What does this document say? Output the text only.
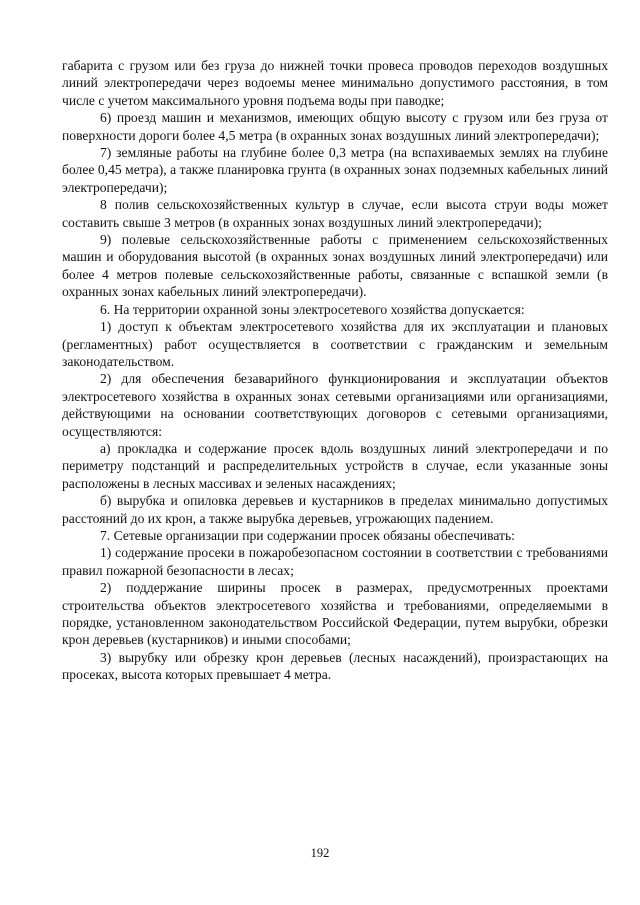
габарита с грузом или без груза до нижней точки провеса проводов переходов воздушных линий электропередачи через водоемы менее минимально допустимого расстояния, в том числе с учетом максимального уровня подъема воды при паводке;

6) проезд машин и механизмов, имеющих общую высоту с грузом или без груза от поверхности дороги более 4,5 метра (в охранных зонах воздушных линий электропередачи);

7) земляные работы на глубине более 0,3 метра (на вспахиваемых землях на глубине более 0,45 метра), а также планировка грунта (в охранных зонах подземных кабельных линий электропередачи);

8 полив сельскохозяйственных культур в случае, если высота струи воды может составить свыше 3 метров (в охранных зонах воздушных линий электропередачи);

9) полевые сельскохозяйственные работы с применением сельскохозяйственных машин и оборудования высотой (в охранных зонах воздушных линий электропередачи) или более 4 метров полевые сельскохозяйственные работы, связанные с вспашкой земли (в охранных зонах кабельных линий электропередачи).

6. На территории охранной зоны электросетевого хозяйства допускается:

1) доступ к объектам электросетевого хозяйства для их эксплуатации и плановых (регламентных) работ осуществляется в соответствии с гражданским и земельным законодательством.

2) для обеспечения безаварийного функционирования и эксплуатации объектов электросетевого хозяйства в охранных зонах сетевыми организациями или организациями, действующими на основании соответствующих договоров с сетевыми организациями, осуществляются:

а) прокладка и содержание просек вдоль воздушных линий электропередачи и по периметру подстанций и распределительных устройств в случае, если указанные зоны расположены в лесных массивах и зеленых насаждениях;

б) вырубка и опиловка деревьев и кустарников в пределах минимально допустимых расстояний до их крон, а также вырубка деревьев, угрожающих падением.

7. Сетевые организации при содержании просек обязаны обеспечивать:

1) содержание просеки в пожаробезопасном состоянии в соответствии с требованиями правил пожарной безопасности в лесах;

2) поддержание ширины просек в размерах, предусмотренных проектами строительства объектов электросетевого хозяйства и требованиями, определяемыми в порядке, установленном законодательством Российской Федерации, путем вырубки, обрезки крон деревьев (кустарников) и иными способами;

3) вырубку или обрезку крон деревьев (лесных насаждений), произрастающих на просеках, высота которых превышает 4 метра.

192
